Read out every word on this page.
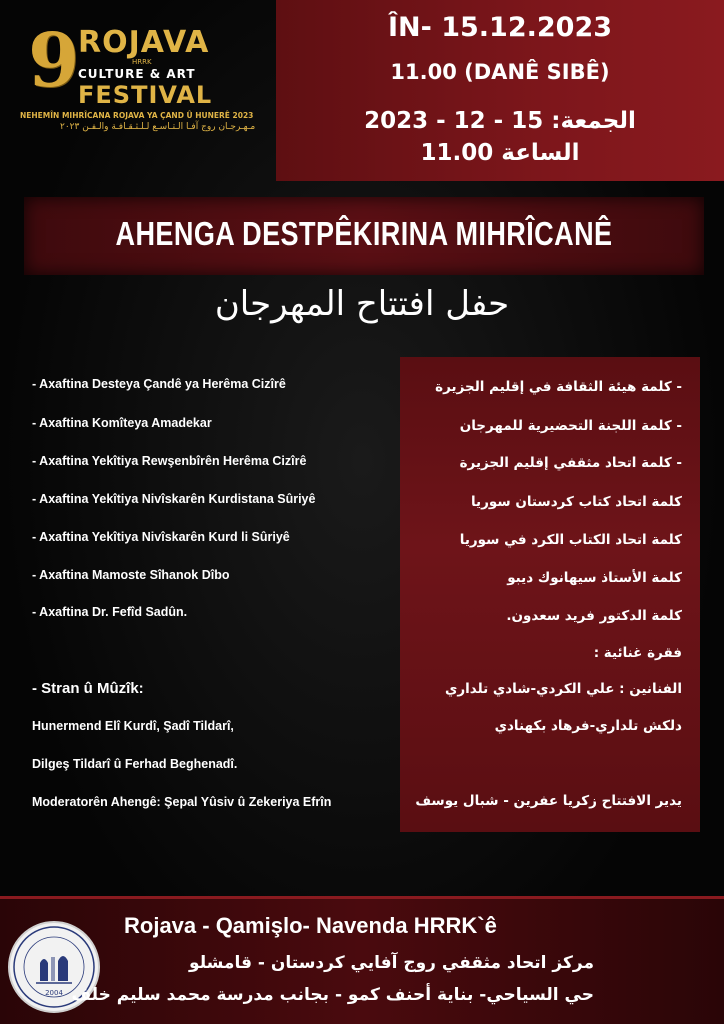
9
ROJAVA
HRRK
CULTURE & ART
FESTIVAL
NEHEMÎN MIHRÎCANA ROJAVA YA ÇAND Û HUNERÊ 2023
مـهـرجـان روج آفـا الـتـاسـع لـلـثـقـافـة والـفـن ٢٠٢٣
ÎN- 15.12.2023
11.00 (DANÊ SIBÊ)
الجمعة: 15 - 12 - 2023
الساعة 11.00
AHENGA DESTPÊKIRINA MIHRÎCANÊ
حفل افتتاح المهرجان
- كلمة هيئة الثقافة في إقليم الجزيرة
- كلمة اللجنة التحضيرية للمهرجان
- كلمة اتحاد مثقفي إقليم الجزيرة
كلمة اتحاد كتاب كردستان سوريا
كلمة اتحاد الكتاب الكرد في سوريا
كلمة الأستاذ سيهانوك ديبو
كلمة الدكتور فريد سعدون.
فقرة غنائية :
الفنانين : علي الكردي-شادي تلداري
دلكش تلداري-فرهاد بكهنادي
يدير الافتتاح زكريا عفرين - شبال يوسف
- Axaftina Desteya Çandê ya Herêma Cizîrê
- Axaftina Komîteya Amadekar
- Axaftina Yekîtiya Rewşenbîrên Herêma Cizîrê
- Axaftina Yekîtiya Nivîskarên Kurdistana Sûriyê
- Axaftina Yekîtiya Nivîskarên Kurd li Sûriyê
- Axaftina Mamoste Sîhanok Dîbo
- Axaftina Dr. Fefîd Sadûn.
- Stran û Mûzîk:
Hunermend Elî Kurdî, Şadî Tildarî,
Dilgeş Tildarî û Ferhad Beghenadî.
Moderatorên Ahengê: Şepal Yûsiv û Zekeriya Efrîn
2004
Rojava - Qamişlo- Navenda HRRK`ê
مركز اتحاد مثقفي روج آفايي كردستان - قامشلو
حي السياحي- بناية أحنف كمو - بجانب مدرسة محمد سليم خلف
